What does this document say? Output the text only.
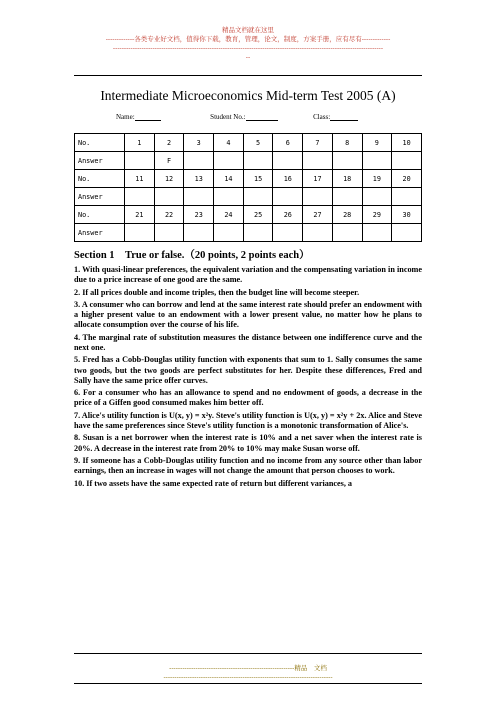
精品文档就在这里
-------------各类专业好文档，值得你下载，教育，管理，论文，制度，方案手册，应有尽有-------------
---------------------------------------------------------------------------------------------------------------------------
--
Intermediate Microeconomics Mid-term Test 2005 (A)
Name:	Student No.:	Class:
No.	1	2	3	4	5	6	7	8	9	10
Answer		F								
No.	11	12	13	14	15	16	17	18	19	20
Answer										
No.	21	22	23	24	25	26	27	28	29	30
Answer										
Section 1　True or false.（20 points, 2 points each）

1. With quasi-linear preferences, the equivalent variation and the compensating variation in income due to a price increase of one good are the same.

2. If all prices double and income triples, then the budget line will become steeper.

3. A consumer who can borrow and lend at the same interest rate should prefer an endowment with a higher present value to an endowment with a lower present value, no matter how he plans to allocate consumption over the course of his life.

4. The marginal rate of substitution measures the distance between one indifference curve and the next one.

5. Fred has a Cobb-Douglas utility function with exponents that sum to 1. Sally consumes the same two goods, but the two goods are perfect substitutes for her. Despite these differences, Fred and Sally have the same price offer curves.

6. For a consumer who has an allowance to spend and no endowment of goods, a decrease in the price of a Giffen good consumed makes him better off.

7. Alice's utility function is U(x, y) = x²y. Steve's utility function is U(x, y) = x²y + 2x. Alice and Steve have the same preferences since Steve's utility function is a monotonic transformation of Alice's.

8. Susan is a net borrower when the interest rate is 10% and a net saver when the interest rate is 20%. A decrease in the interest rate from 20% to 10% may make Susan worse off.

9. If someone has a Cobb-Douglas utility function and no income from any source other than labor earnings, then an increase in wages will not change the amount that person chooses to work.

10. If two assets have the same expected rate of return but different variances, a

---------------------------------------------------------精品　文档
-----------------------------------------------------------------------------
